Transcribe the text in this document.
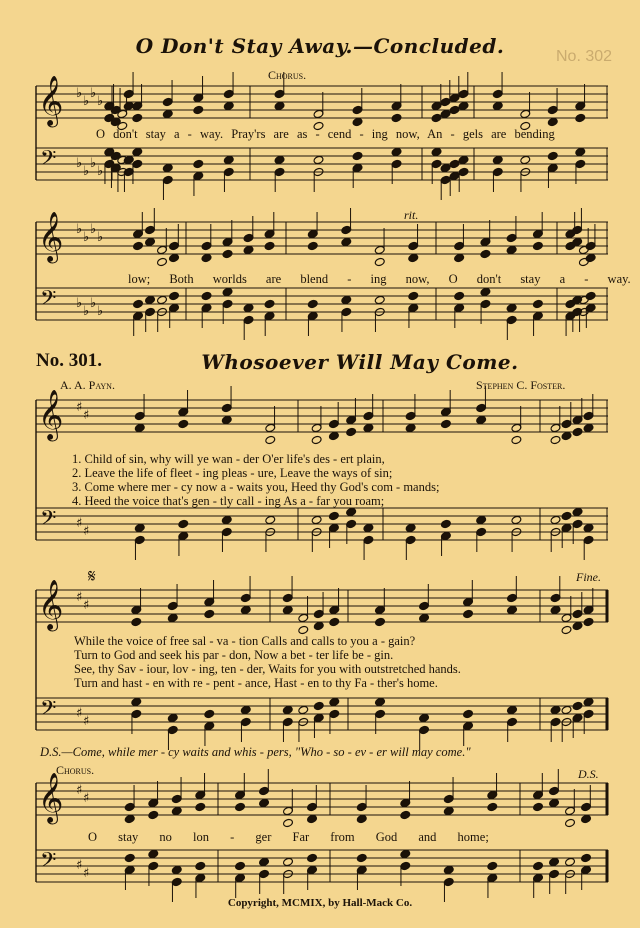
𝄞
𝄢
♭
♭
♭
♭
♭
♭
♭
♭
𝄞
𝄢
♭
♭
♭
♭
♭
♭
♭
♭
𝄞
𝄢
♯
♯
♯
♯
𝄞
𝄢
♯
♯
♯
♯
𝄞
𝄢
♯
♯
♯
♯
O Don't Stay Away.—Concluded.
Chorus.
O don't stay a - way. Pray'rs are as - cend - ing now, An - gels are bending
rit.
low; Both worlds are blend - ing now, O don't stay a - way.
No. 301.	Whosoever Will May Come.
A. A. Payn.	Stephen C. Foster.
1. Child of sin, why will ye wan - der O'er life's des - ert plain,
2. Leave the life of fleet - ing pleas - ure, Leave the ways of sin;
3. Come where mer - cy now a - waits you, Heed thy God's com - mands;
4. Heed the voice that's gen - tly call - ing As a - far you roam;
𝄋	Fine.
While the voice of free sal - va - tion Calls and calls to you a - gain?
Turn to God and seek his par - don, Now a bet - ter life be - gin.
See, thy Sav - iour, lov - ing, ten - der, Waits for you with outstretched hands.
Turn and hast - en with re - pent - ance, Hast - en to thy Fa - ther's home.
D.S.—Come, while mer - cy waits and whis - pers, "Who - so - ev - er will may come."
Chorus.	D.S.
O stay no lon - ger Far from God and home;
Copyright, MCMIX, by Hall-Mack Co.
No. 302
